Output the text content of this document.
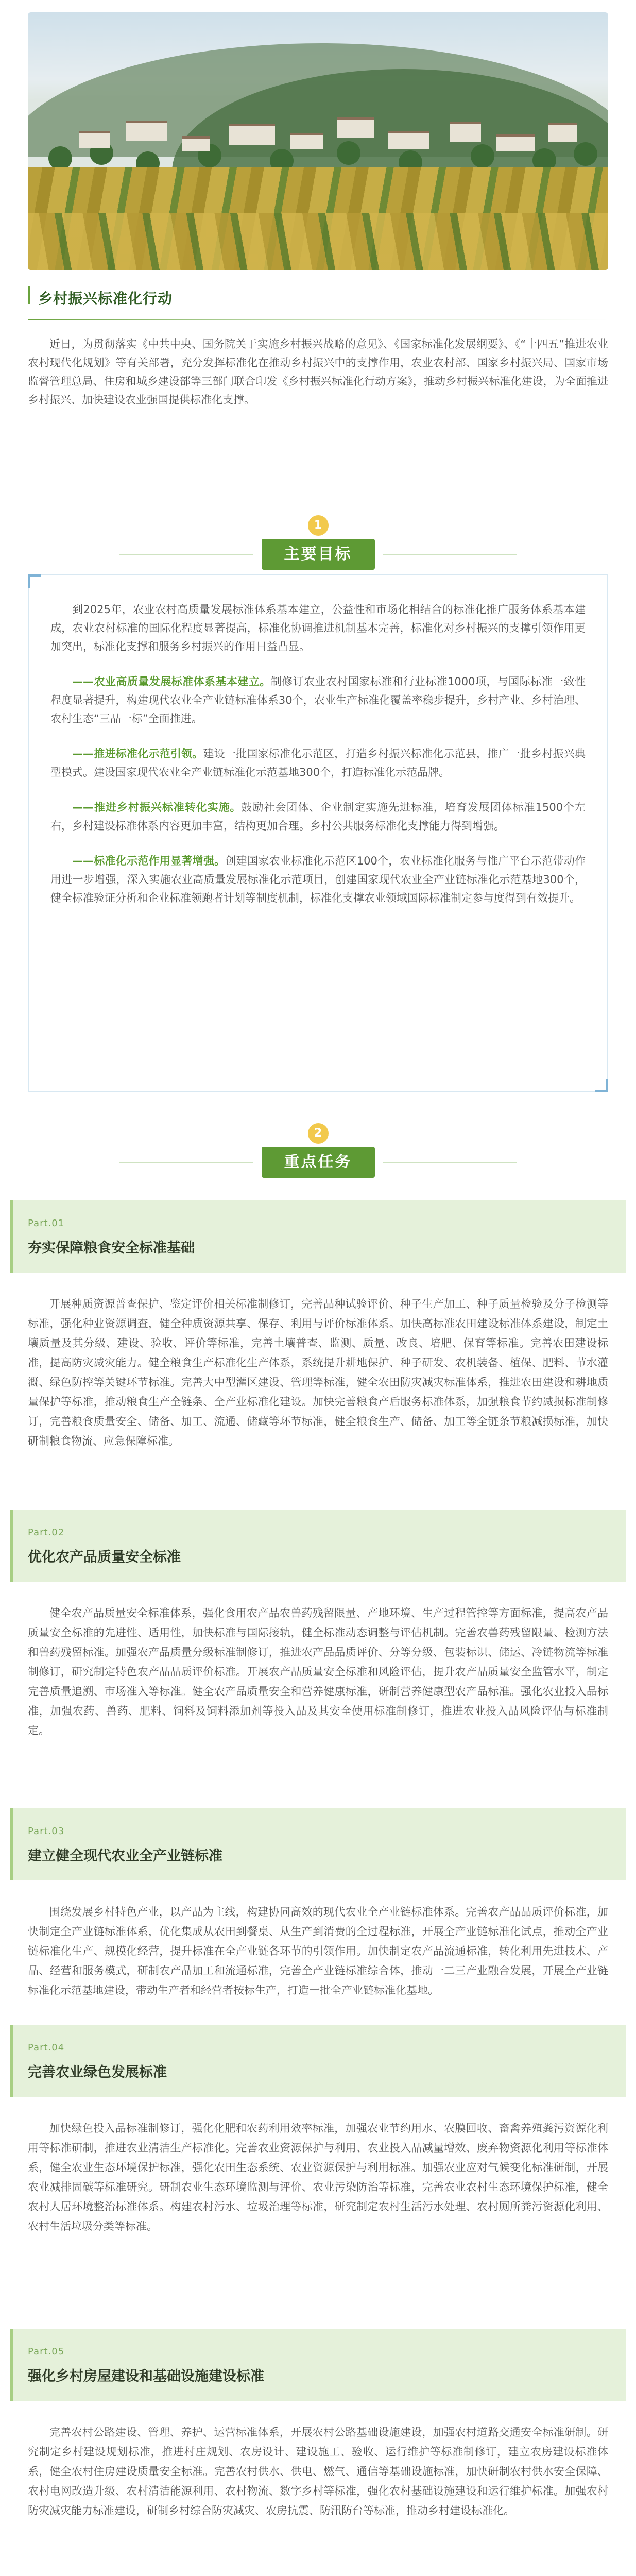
乡村振兴标准化行动

近日，为贯彻落实《中共中央、国务院关于实施乡村振兴战略的意见》、《国家标准化发展纲要》、《“十四五”推进农业农村现代化规划》等有关部署，充分发挥标准化在推动乡村振兴中的支撑作用，农业农村部、国家乡村振兴局、国家市场监督管理总局、住房和城乡建设部等三部门联合印发《乡村振兴标准化行动方案》，推动乡村振兴标准化建设，为全面推进乡村振兴、加快建设农业强国提供标准化支撑。

1
主要目标

到2025年，农业农村高质量发展标准体系基本建立，公益性和市场化相结合的标准化推广服务体系基本建成，农业农村标准的国际化程度显著提高，标准化协调推进机制基本完善，标准化对乡村振兴的支撑引领作用更加突出，标准化支撑和服务乡村振兴的作用日益凸显。

——农业高质量发展标准体系基本建立。制修订农业农村国家标准和行业标准1000项，与国际标准一致性程度显著提升，构建现代农业全产业链标准体系30个，农业生产标准化覆盖率稳步提升，乡村产业、乡村治理、农村生态“三品一标”全面推进。

——推进标准化示范引领。建设一批国家标准化示范区，打造乡村振兴标准化示范县，推广一批乡村振兴典型模式。建设国家现代农业全产业链标准化示范基地300个，打造标准化示范品牌。

——推进乡村振兴标准转化实施。鼓励社会团体、企业制定实施先进标准，培育发展团体标准1500个左右，乡村建设标准体系内容更加丰富，结构更加合理。乡村公共服务标准化支撑能力得到增强。

——标准化示范作用显著增强。创建国家农业标准化示范区100个，农业标准化服务与推广平台示范带动作用进一步增强，深入实施农业高质量发展标准化示范项目，创建国家现代农业全产业链标准化示范基地300个，健全标准验证分析和企业标准领跑者计划等制度机制，标准化支撑农业领域国际标准制定参与度得到有效提升。

2
重点任务
Part.01
夯实保障粮食安全标准基础

开展种质资源普查保护、鉴定评价相关标准制修订，完善品种试验评价、种子生产加工、种子质量检验及分子检测等标准，强化种业资源调查，健全种质资源共享、保存、利用与评价标准体系。加快高标准农田建设标准体系建设，制定土壤质量及其分级、建设、验收、评价等标准，完善土壤普查、监测、质量、改良、培肥、保育等标准。完善农田建设标准，提高防灾减灾能力。健全粮食生产标准化生产体系，系统提升耕地保护、种子研发、农机装备、植保、肥料、节水灌溉、绿色防控等关键环节标准。完善大中型灌区建设、管理等标准，健全农田防灾减灾标准体系，推进农田建设和耕地质量保护等标准，推动粮食生产全链条、全产业标准化建设。加快完善粮食产后服务标准体系，加强粮食节约减损标准制修订，完善粮食质量安全、储备、加工、流通、储藏等环节标准，健全粮食生产、储备、加工等全链条节粮减损标准，加快研制粮食物流、应急保障标准。

Part.02
优化农产品质量安全标准

健全农产品质量安全标准体系，强化食用农产品农兽药残留限量、产地环境、生产过程管控等方面标准，提高农产品质量安全标准的先进性、适用性，加快标准与国际接轨，健全标准动态调整与评估机制。完善农兽药残留限量、检测方法和兽药残留标准。加强农产品质量分级标准制修订，推进农产品品质评价、分等分级、包装标识、储运、冷链物流等标准制修订，研究制定特色农产品品质评价标准。开展农产品质量安全标准和风险评估，提升农产品质量安全监管水平，制定完善质量追溯、市场准入等标准。健全农产品质量安全和营养健康标准，研制营养健康型农产品标准。强化农业投入品标准，加强农药、兽药、肥料、饲料及饲料添加剂等投入品及其安全使用标准制修订，推进农业投入品风险评估与标准制定。

Part.03
建立健全现代农业全产业链标准

围绕发展乡村特色产业，以产品为主线，构建协同高效的现代农业全产业链标准体系。完善农产品品质评价标准，加快制定全产业链标准体系，优化集成从农田到餐桌、从生产到消费的全过程标准，开展全产业链标准化试点，推动全产业链标准化生产、规模化经营，提升标准在全产业链各环节的引领作用。加快制定农产品流通标准，转化利用先进技术、产品、经营和服务模式，研制农产品加工和流通标准，完善全产业链标准综合体，推动一二三产业融合发展，开展全产业链标准化示范基地建设，带动生产者和经营者按标生产，打造一批全产业链标准化基地。

Part.04
完善农业绿色发展标准

加快绿色投入品标准制修订，强化化肥和农药利用效率标准，加强农业节约用水、农膜回收、畜禽养殖粪污资源化利用等标准研制，推进农业清洁生产标准化。完善农业资源保护与利用、农业投入品减量增效、废弃物资源化利用等标准体系，健全农业生态环境保护标准，强化农田生态系统、农业资源保护与利用标准。加强农业应对气候变化标准研制，开展农业减排固碳等标准研究。研制农业生态环境监测与评价、农业污染防治等标准，完善农业农村生态环境保护标准，健全农村人居环境整治标准体系。构建农村污水、垃圾治理等标准，研究制定农村生活污水处理、农村厕所粪污资源化利用、农村生活垃圾分类等标准。

Part.05
强化乡村房屋建设和基础设施建设标准

完善农村公路建设、管理、养护、运营标准体系，开展农村公路基础设施建设，加强农村道路交通安全标准研制。研究制定乡村建设规划标准，推进村庄规划、农房设计、建设施工、验收、运行维护等标准制修订，建立农房建设标准体系，健全农村住房建设质量安全标准。完善农村供水、供电、燃气、通信等基础设施标准，加快研制农村供水安全保障、农村电网改造升级、农村清洁能源利用、农村物流、数字乡村等标准，强化农村基础设施建设和运行维护标准。加强农村防灾减灾能力标准建设，研制乡村综合防灾减灾、农房抗震、防汛防台等标准，推动乡村建设标准化。
